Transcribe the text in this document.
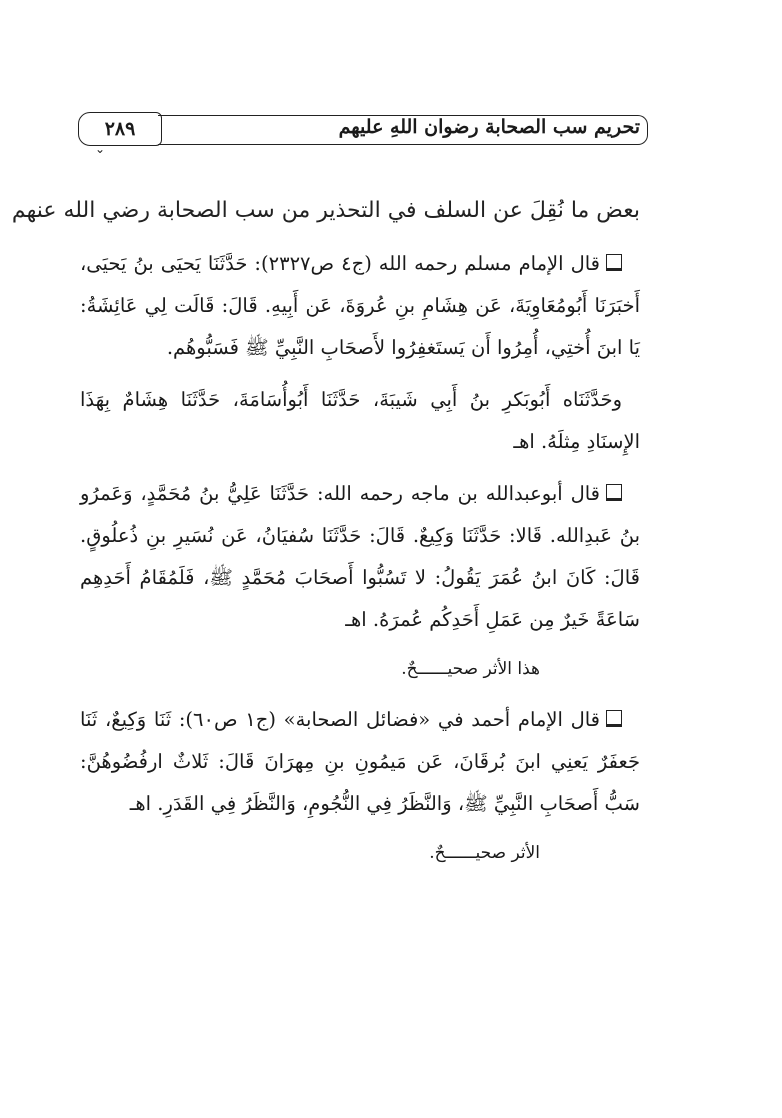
٢٨٩
⌄
تحريم سب الصحابة رضوان اللهِ عليهم
بعض ما نُقِلَ عن السلف في التحذير من سب الصحابة رضي الله عنهم

قال الإمام مسلم رحمه الله (ج٤ ص٢٣٢٧): حَدَّثَنَا يَحيَى بنُ يَحيَى، أَخبَرَنَا أَبُومُعَاوِيَةَ، عَن هِشَامِ بنِ عُروَةَ، عَن أَبِيهِ. قَالَ: قَالَت لِي عَائِشَةُ: يَا ابنَ أُختِي، أُمِرُوا أَن يَستَغفِرُوا لأَصحَابِ النَّبِيِّ ﷺ فَسَبُّوهُم.

وحَدَّثَنَاه أَبُوبَكرِ بنُ أَبِي شَيبَةَ، حَدَّثَنَا أَبُوأُسَامَةَ، حَدَّثَنَا هِشَامٌ بِهَذَا الإِسنَادِ مِثلَهُ. اهـ

قال أبوعبدالله بن ماجه رحمه الله: حَدَّثَنَا عَلِيُّ بنُ مُحَمَّدٍ، وَعَمرُو بنُ عَبدِالله. قَالا: حَدَّثَنَا وَكِيعٌ. قَالَ: حَدَّثَنَا سُفيَانُ، عَن نُسَيرِ بنِ ذُعلُوقٍ. قَالَ: كَانَ ابنُ عُمَرَ يَقُولُ: لا تَسُبُّوا أَصحَابَ مُحَمَّدٍ ﷺ، فَلَمُقَامُ أَحَدِهِم سَاعَةً خَيرٌ مِن عَمَلِ أَحَدِكُم عُمرَهُ. اهـ

هذا الأثر صحيــــــحٌ.

قال الإمام أحمد في «فضائل الصحابة» (ج١ ص٦٠): ثَنَا وَكِيعٌ، ثَنَا جَعفَرٌ يَعنِي ابنَ بُرقَانَ، عَن مَيمُونِ بنِ مِهرَانَ قَالَ: ثَلاثٌ ارفُضُوهُنَّ: سَبُّ أَصحَابِ النَّبِيِّ ﷺ، وَالنَّظَرُ فِي النُّجُومِ، وَالنَّظَرُ فِي القَدَرِ. اهـ

الأثر صحيــــــحٌ.
